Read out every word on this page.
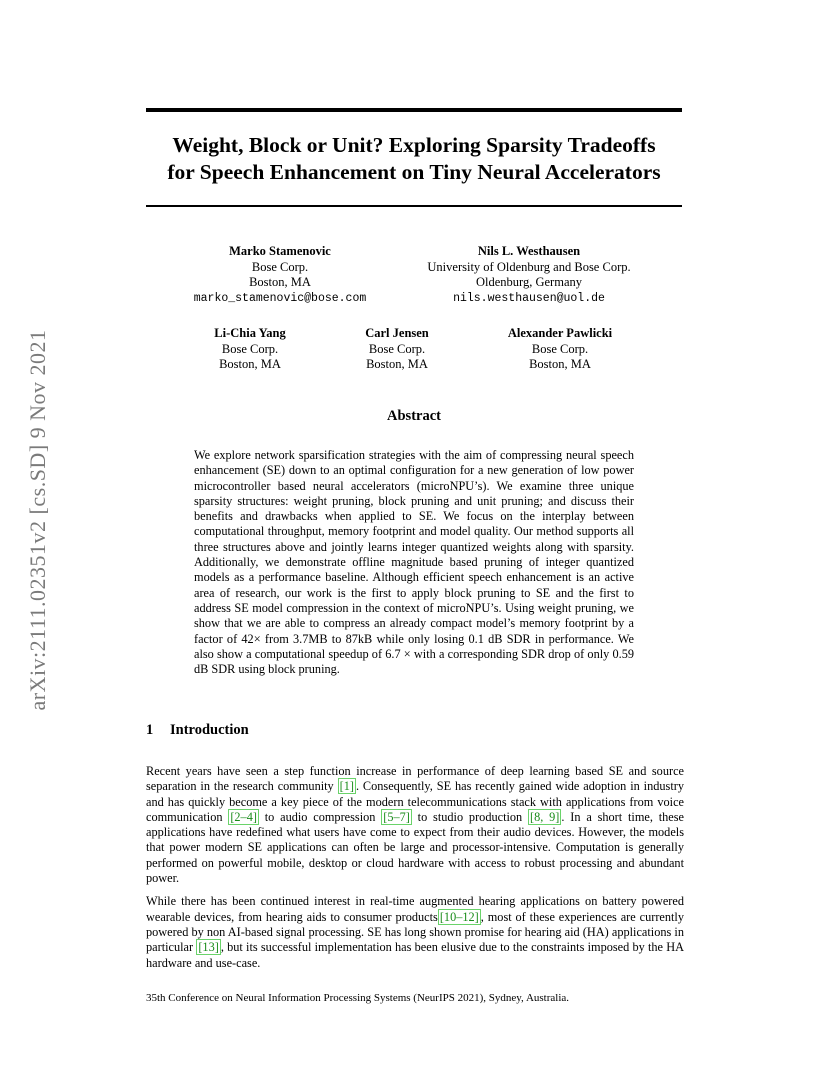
arXiv:2111.02351v2 [cs.SD] 9 Nov 2021
Weight, Block or Unit? Exploring Sparsity Tradeoffs
for Speech Enhancement on Tiny Neural Accelerators
Marko Stamenovic
Bose Corp.
Boston, MA
marko_stamenovic@bose.com
Nils L. Westhausen
University of Oldenburg and Bose Corp.
Oldenburg, Germany
nils.westhausen@uol.de
Li-Chia Yang
Bose Corp.
Boston, MA
Carl Jensen
Bose Corp.
Boston, MA
Alexander Pawlicki
Bose Corp.
Boston, MA
Abstract
We explore network sparsification strategies with the aim of compressing neural speech enhancement (SE) down to an optimal configuration for a new generation of low power microcontroller based neural accelerators (microNPU’s). We examine three unique sparsity structures: weight pruning, block pruning and unit pruning; and discuss their benefits and drawbacks when applied to SE. We focus on the interplay between computational throughput, memory footprint and model quality. Our method supports all three structures above and jointly learns integer quantized weights along with sparsity. Additionally, we demonstrate offline magnitude based pruning of integer quantized models as a performance baseline. Although efficient speech enhancement is an active area of research, our work is the first to apply block pruning to SE and the first to address SE model compression in the context of microNPU’s. Using weight pruning, we show that we are able to compress an already compact model’s memory footprint by a factor of 42× from 3.7MB to 87kB while only losing 0.1 dB SDR in performance. We also show a computational speedup of 6.7 × with a corresponding SDR drop of only 0.59 dB SDR using block pruning.
1 Introduction

Recent years have seen a step function increase in performance of deep learning based SE and source separation in the research community [1] . Consequently, SE has recently gained wide adoption in industry and has quickly become a key piece of the modern telecommunications stack with applications from voice communication [2–4] to audio compression [5–7] to studio production [8, 9] . In a short time, these applications have redefined what users have come to expect from their audio devices. However, the models that power modern SE applications can often be large and processor-intensive. Computation is generally performed on powerful mobile, desktop or cloud hardware with access to robust processing and abundant power.

While there has been continued interest in real-time augmented hearing applications on battery powered wearable devices, from hearing aids to consumer products [10–12] , most of these experiences are currently powered by non AI-based signal processing. SE has long shown promise for hearing aid (HA) applications in particular [13] , but its successful implementation has been elusive due to the constraints imposed by the HA hardware and use-case.

35th Conference on Neural Information Processing Systems (NeurIPS 2021), Sydney, Australia.
